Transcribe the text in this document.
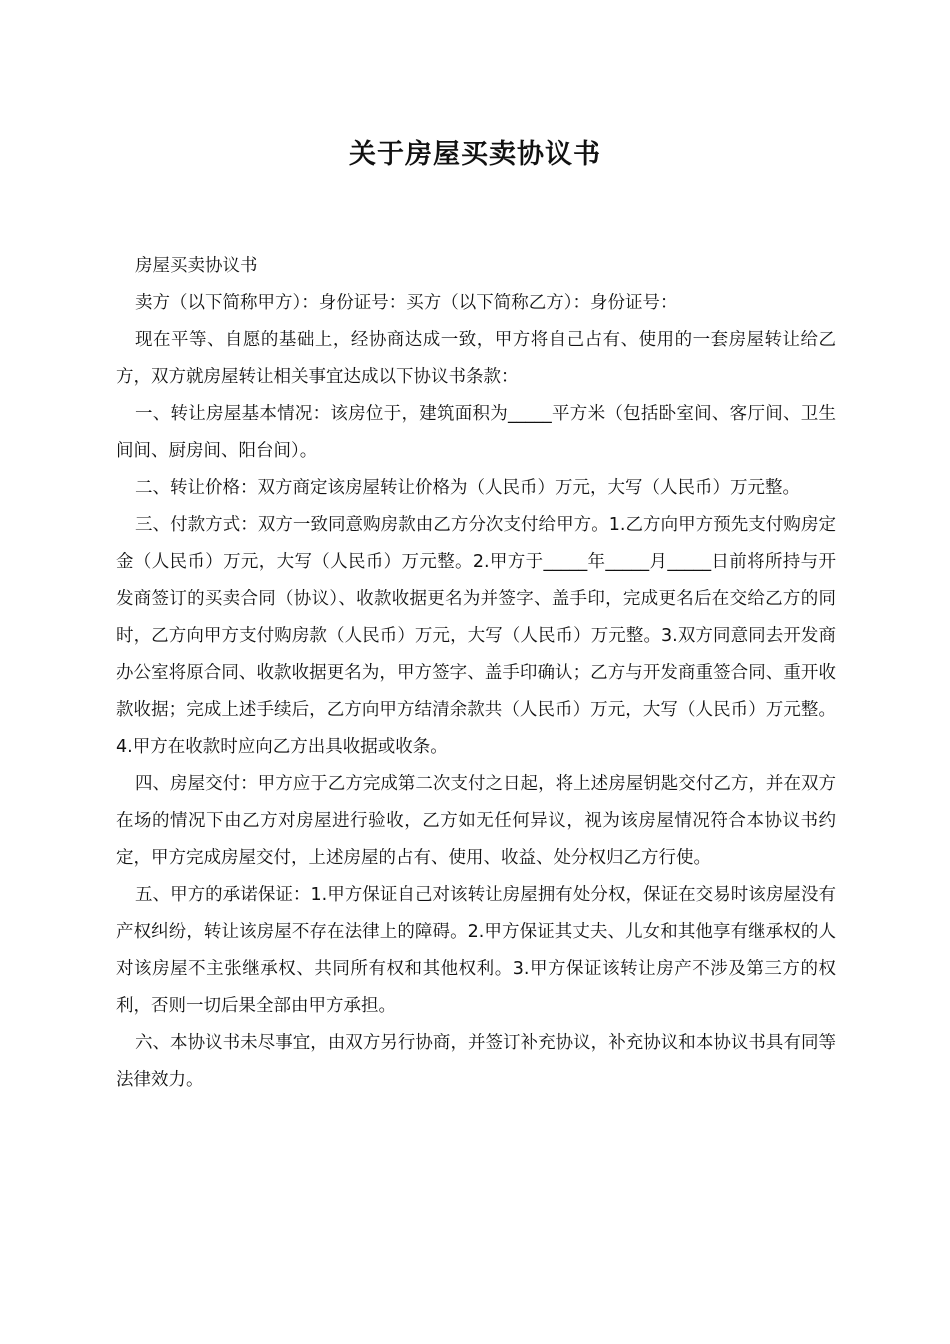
关于房屋买卖协议书

房屋买卖协议书

卖方（以下简称甲方）：身份证号：买方（以下简称乙方）：身份证号：

现在平等、自愿的基础上，经协商达成一致，甲方将自己占有、使用的一套房屋转让给乙方，双方就房屋转让相关事宜达成以下协议书条款：

一、转让房屋基本情况：该房位于，建筑面积为_____平方米（包括卧室间、客厅间、卫生间间、厨房间、阳台间）。

二、转让价格：双方商定该房屋转让价格为（人民币）万元，大写（人民币）万元整。

三、付款方式：双方一致同意购房款由乙方分次支付给甲方。1.乙方向甲方预先支付购房定金（人民币）万元，大写（人民币）万元整。2.甲方于_____年_____月_____日前将所持与开发商签订的买卖合同（协议）、收款收据更名为并签字、盖手印，完成更名后在交给乙方的同时，乙方向甲方支付购房款（人民币）万元，大写（人民币）万元整。3.双方同意同去开发商办公室将原合同、收款收据更名为，甲方签字、盖手印确认；乙方与开发商重签合同、重开收款收据；完成上述手续后，乙方向甲方结清余款共（人民币）万元，大写（人民币）万元整。4.甲方在收款时应向乙方出具收据或收条。

四、房屋交付：甲方应于乙方完成第二次支付之日起，将上述房屋钥匙交付乙方，并在双方在场的情况下由乙方对房屋进行验收，乙方如无任何异议，视为该房屋情况符合本协议书约定，甲方完成房屋交付，上述房屋的占有、使用、收益、处分权归乙方行使。

五、甲方的承诺保证：1.甲方保证自己对该转让房屋拥有处分权，保证在交易时该房屋没有产权纠纷，转让该房屋不存在法律上的障碍。2.甲方保证其丈夫、儿女和其他享有继承权的人对该房屋不主张继承权、共同所有权和其他权利。3.甲方保证该转让房产不涉及第三方的权利，否则一切后果全部由甲方承担。

六、本协议书未尽事宜，由双方另行协商，并签订补充协议，补充协议和本协议书具有同等法律效力。
